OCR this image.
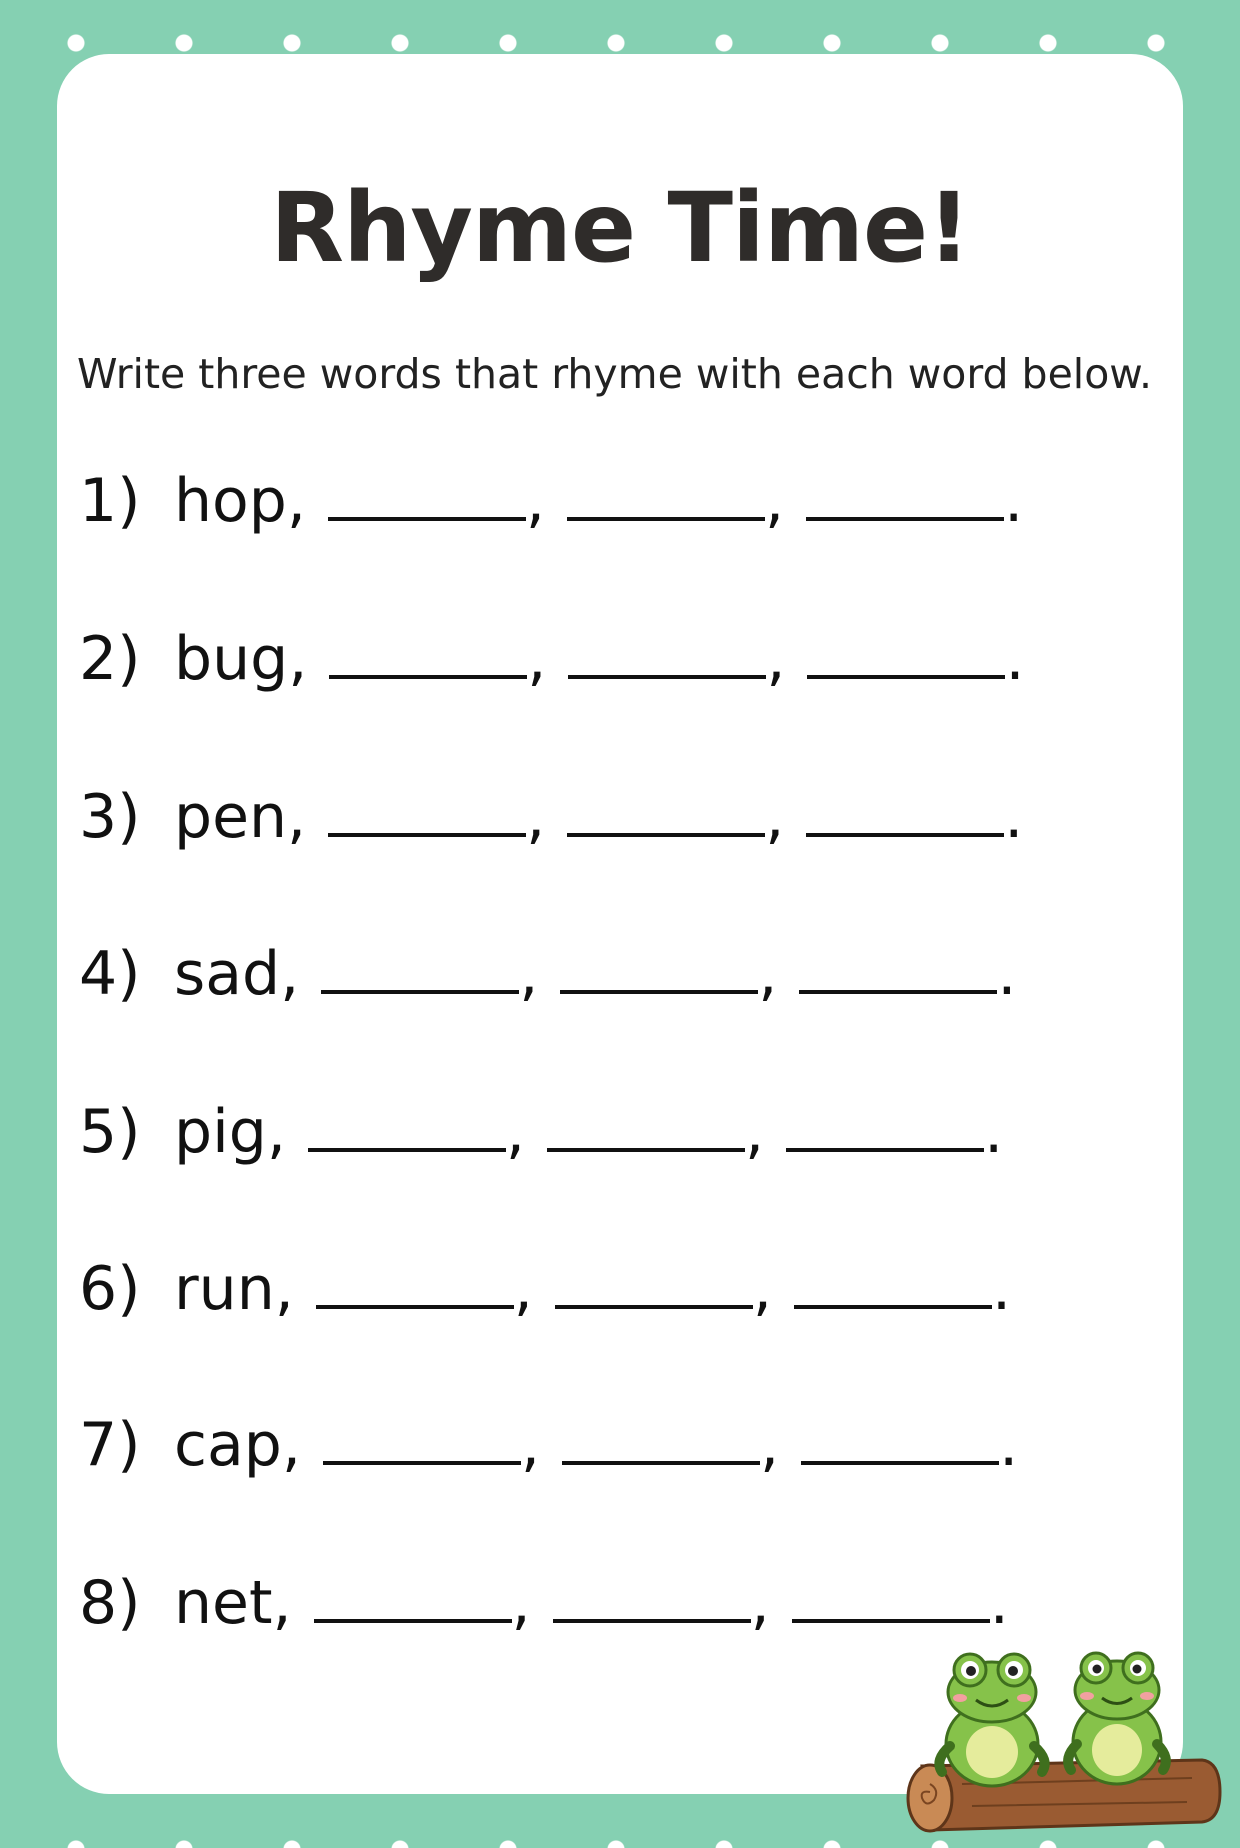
Rhyme Time!
Write three words that rhyme with each word below.
1) hop,	,	,	.
2) bug,	,	,	.
3) pen,	,	,	.
4) sad,	,	,	.
5) pig,	,	,	.
6) run,	,	,	.
7) cap,	,	,	.
8) net,	,	,	.
